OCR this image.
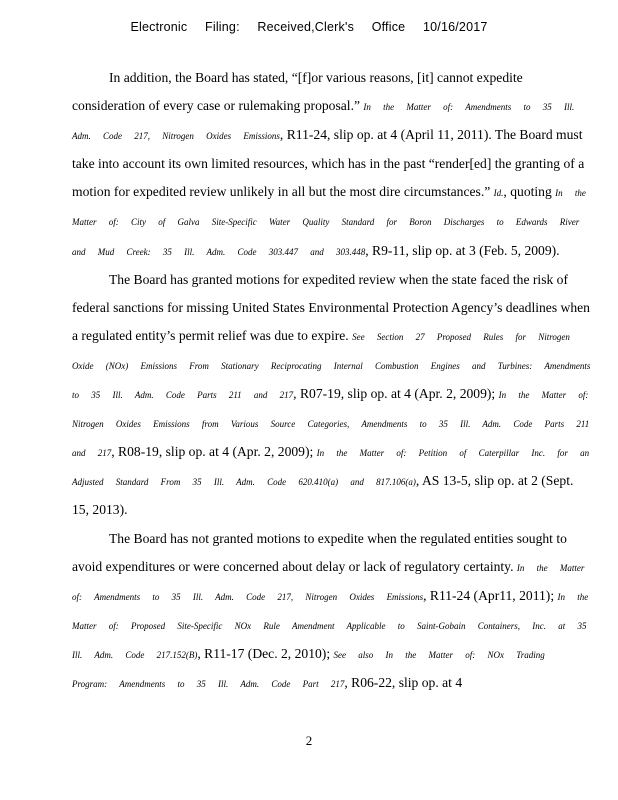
Electronic Filing: Received,Clerk's Office 10/16/2017

In addition, the Board has stated, “[f]or various reasons, [it] cannot expedite consideration of every case or rulemaking proposal.” In the Matter of: Amendments to 35 Ill. Adm. Code 217, Nitrogen Oxides Emissions, R11-24, slip op. at 4 (April 11, 2011). The Board must take into account its own limited resources, which has in the past “render[ed] the granting of a motion for expedited review unlikely in all but the most dire circumstances.” Id., quoting In the Matter of: City of Galva Site-Specific Water Quality Standard for Boron Discharges to Edwards River and Mud Creek: 35 Ill. Adm. Code 303.447 and 303.448, R9-11, slip op. at 3 (Feb. 5, 2009).

The Board has granted motions for expedited review when the state faced the risk of federal sanctions for missing United States Environmental Protection Agency’s deadlines when a regulated entity’s permit relief was due to expire. See Section 27 Proposed Rules for Nitrogen Oxide (NOx) Emissions From Stationary Reciprocating Internal Combustion Engines and Turbines: Amendments to 35 Ill. Adm. Code Parts 211 and 217, R07-19, slip op. at 4 (Apr. 2, 2009); In the Matter of: Nitrogen Oxides Emissions from Various Source Categories, Amendments to 35 Ill. Adm. Code Parts 211 and 217, R08-19, slip op. at 4 (Apr. 2, 2009); In the Matter of: Petition of Caterpillar Inc. for an Adjusted Standard From 35 Ill. Adm. Code 620.410(a) and 817.106(a), AS 13-5, slip op. at 2 (Sept. 15, 2013).

The Board has not granted motions to expedite when the regulated entities sought to avoid expenditures or were concerned about delay or lack of regulatory certainty. In the Matter of: Amendments to 35 Ill. Adm. Code 217, Nitrogen Oxides Emissions, R11-24 (Apr11, 2011); In the Matter of: Proposed Site-Specific NOx Rule Amendment Applicable to Saint-Gobain Containers, Inc. at 35 Ill. Adm. Code 217.152(B), R11-17 (Dec. 2, 2010); See also In the Matter of: NOx Trading Program: Amendments to 35 Ill. Adm. Code Part 217, R06-22, slip op. at 4

2
